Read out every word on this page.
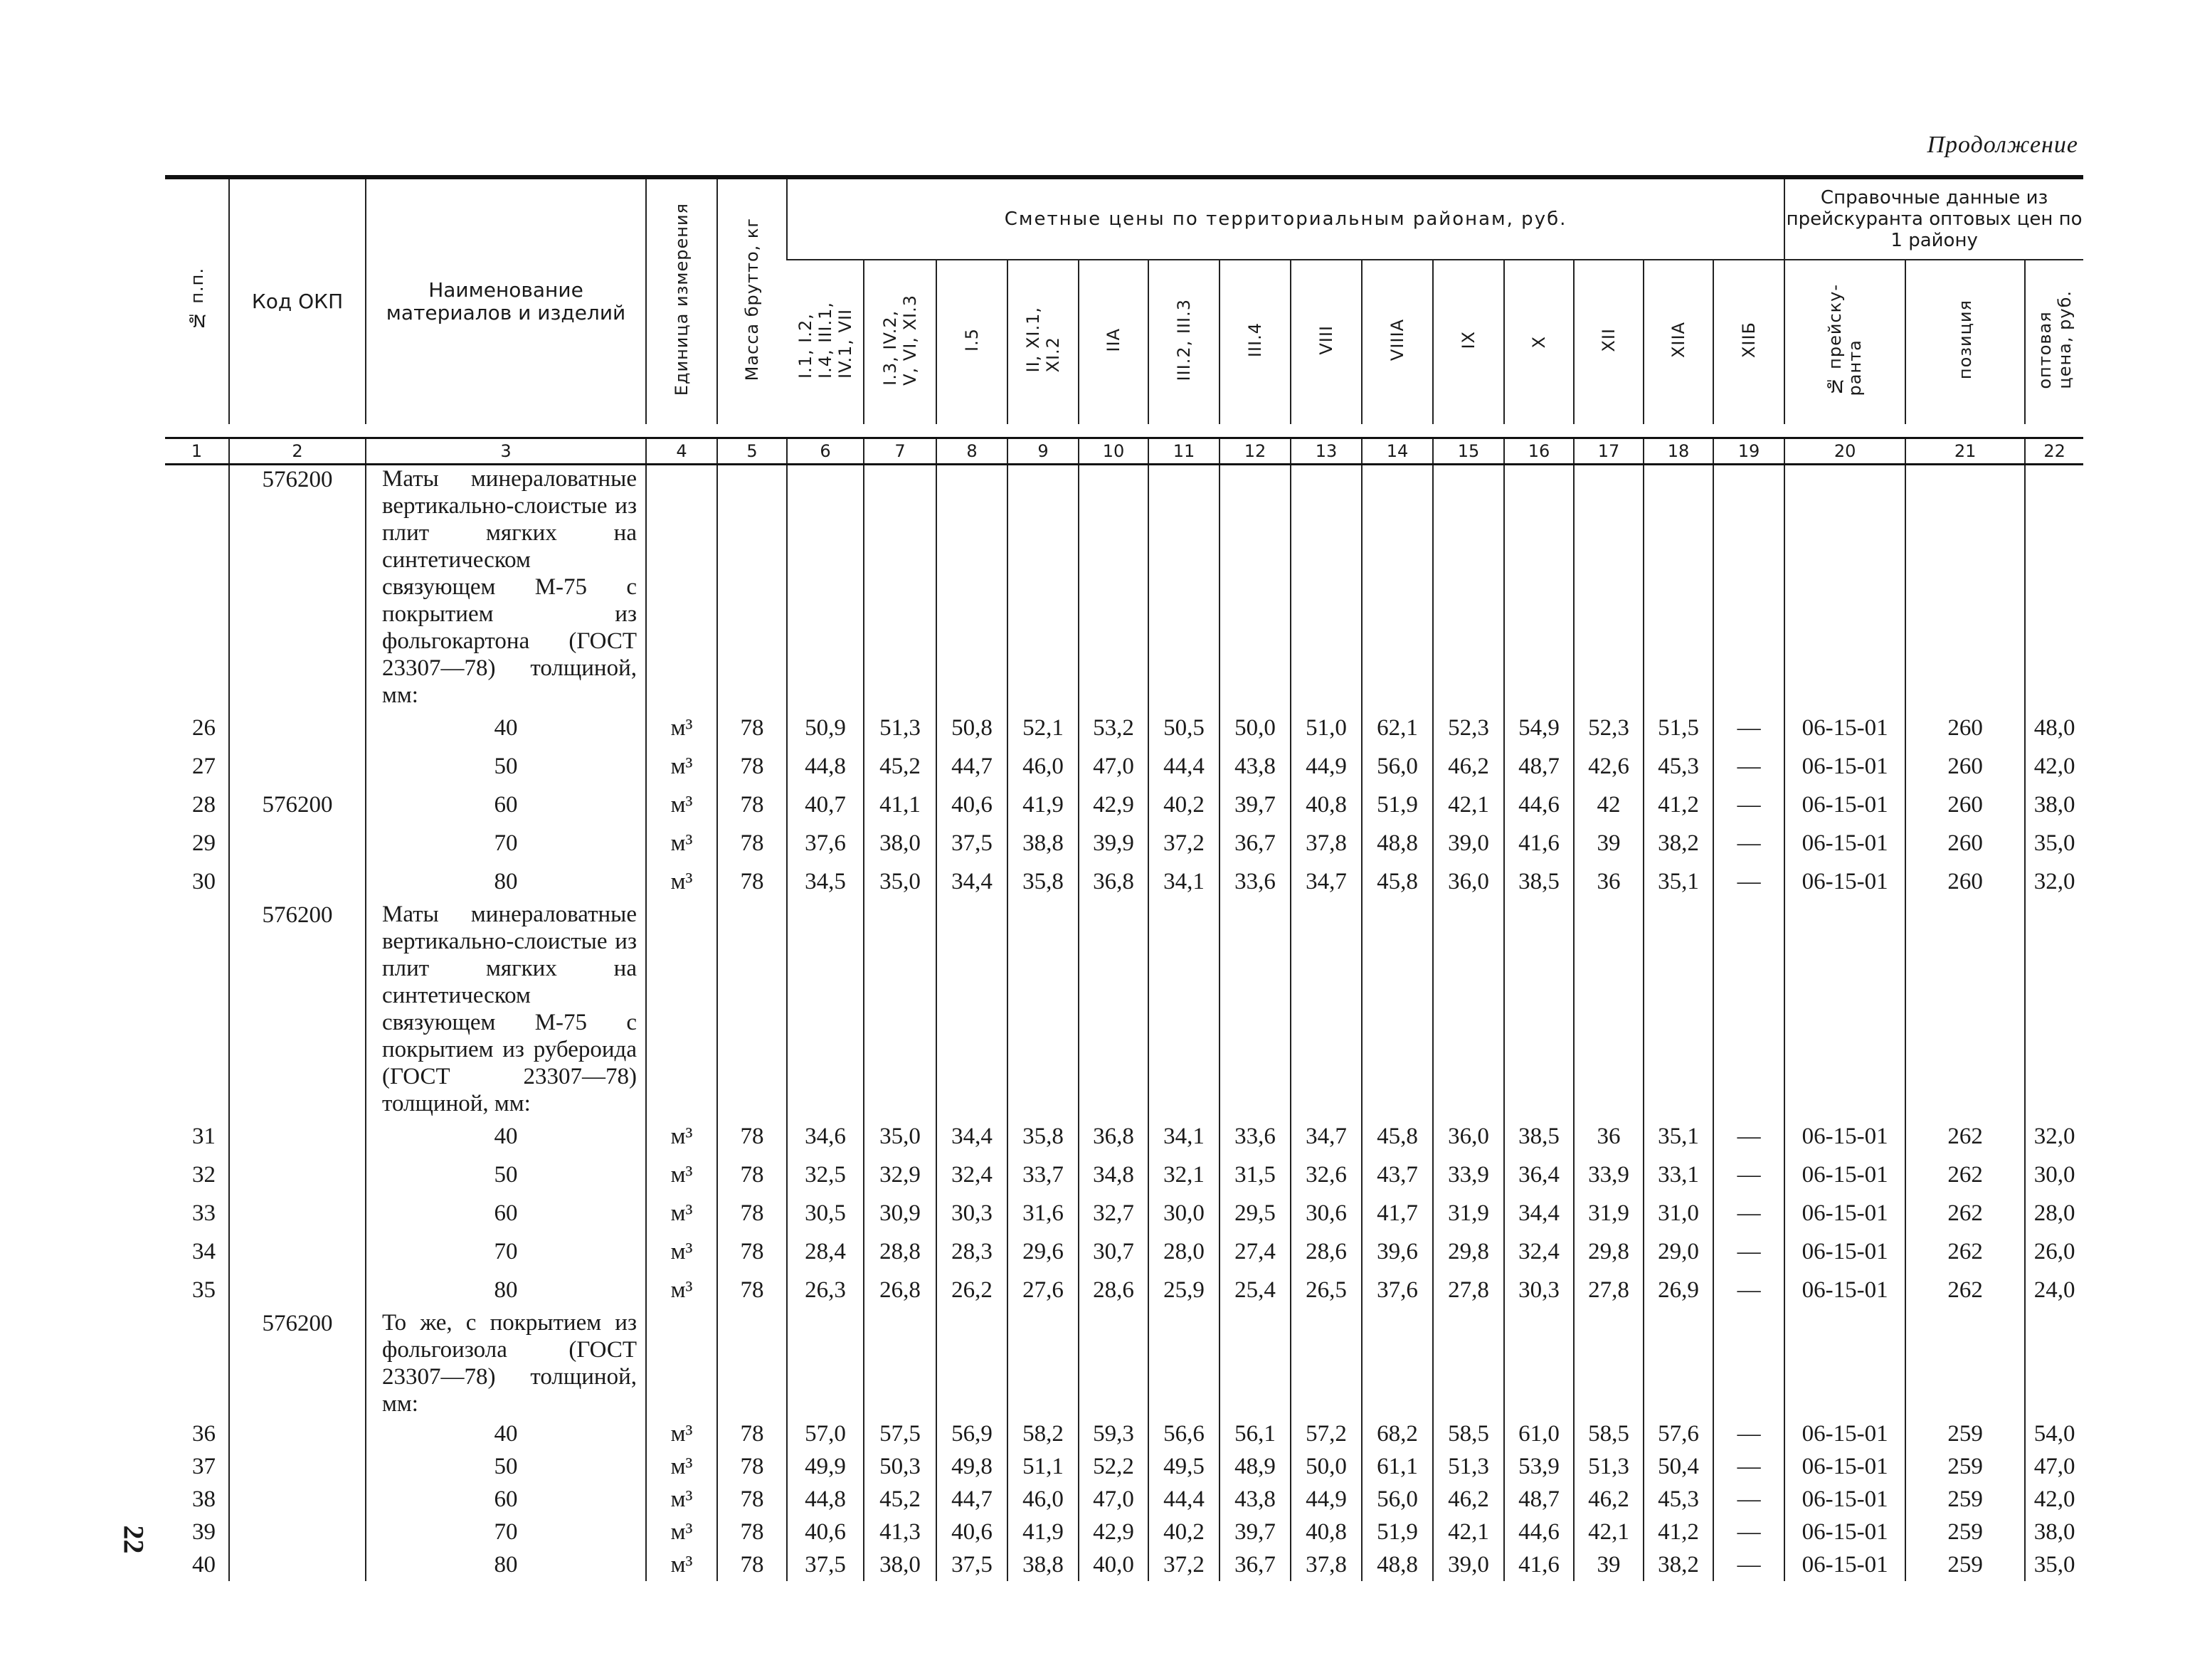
Продолжение
22
№ п.п.	Код ОКП	Наименование материалов и изделий	Единица измерения	Масса брутто, кг	Сметные цены по территориальным районам, руб.														Справочные данные из прейскуранта оптовых цен по 1 району		
					I.1, I.2,
I.4, III.1,
IV.1, VII	I.3, IV.2,
V, VI, XI.3	I.5	II, XI.1,
XI.2	IIA	III.2, III.3	III.4	VIII	VIIIA	IX	X	XII	XIIA	XIIБ	№ прейску-
ранта	позиция	оптовая
цена, руб.

1	2	3	4	5	6	7	8	9	10	11	12	13	14	15	16	17	18	19	20	21	22
	576200	Маты минераловатные вертикально-слоистые из плит мягких на синтетическом связующем М-75 с покрытием из фольгокартона (ГОСТ 23307—78) толщиной, мм:																			
26		40	м³	78	50,9	51,3	50,8	52,1	53,2	50,5	50,0	51,0	62,1	52,3	54,9	52,3	51,5	—	06-15-01	260	48,0
27		50	м³	78	44,8	45,2	44,7	46,0	47,0	44,4	43,8	44,9	56,0	46,2	48,7	42,6	45,3	—	06-15-01	260	42,0
28	576200	60	м³	78	40,7	41,1	40,6	41,9	42,9	40,2	39,7	40,8	51,9	42,1	44,6	42	41,2	—	06-15-01	260	38,0
29		70	м³	78	37,6	38,0	37,5	38,8	39,9	37,2	36,7	37,8	48,8	39,0	41,6	39	38,2	—	06-15-01	260	35,0
30		80	м³	78	34,5	35,0	34,4	35,8	36,8	34,1	33,6	34,7	45,8	36,0	38,5	36	35,1	—	06-15-01	260	32,0
	576200	Маты минераловатные вертикально-слоистые из плит мягких на синтетическом связующем М-75 с покрытием из рубероида (ГОСТ 23307—78) толщиной, мм:																			
31		40	м³	78	34,6	35,0	34,4	35,8	36,8	34,1	33,6	34,7	45,8	36,0	38,5	36	35,1	—	06-15-01	262	32,0
32		50	м³	78	32,5	32,9	32,4	33,7	34,8	32,1	31,5	32,6	43,7	33,9	36,4	33,9	33,1	—	06-15-01	262	30,0
33		60	м³	78	30,5	30,9	30,3	31,6	32,7	30,0	29,5	30,6	41,7	31,9	34,4	31,9	31,0	—	06-15-01	262	28,0
34		70	м³	78	28,4	28,8	28,3	29,6	30,7	28,0	27,4	28,6	39,6	29,8	32,4	29,8	29,0	—	06-15-01	262	26,0
35		80	м³	78	26,3	26,8	26,2	27,6	28,6	25,9	25,4	26,5	37,6	27,8	30,3	27,8	26,9	—	06-15-01	262	24,0
	576200	То же, с покрытием из фольгоизола (ГОСТ 23307—78) толщиной, мм:																			
36		40	м³	78	57,0	57,5	56,9	58,2	59,3	56,6	56,1	57,2	68,2	58,5	61,0	58,5	57,6	—	06-15-01	259	54,0
37		50	м³	78	49,9	50,3	49,8	51,1	52,2	49,5	48,9	50,0	61,1	51,3	53,9	51,3	50,4	—	06-15-01	259	47,0
38		60	м³	78	44,8	45,2	44,7	46,0	47,0	44,4	43,8	44,9	56,0	46,2	48,7	46,2	45,3	—	06-15-01	259	42,0
39		70	м³	78	40,6	41,3	40,6	41,9	42,9	40,2	39,7	40,8	51,9	42,1	44,6	42,1	41,2	—	06-15-01	259	38,0
40		80	м³	78	37,5	38,0	37,5	38,8	40,0	37,2	36,7	37,8	48,8	39,0	41,6	39	38,2	—	06-15-01	259	35,0
